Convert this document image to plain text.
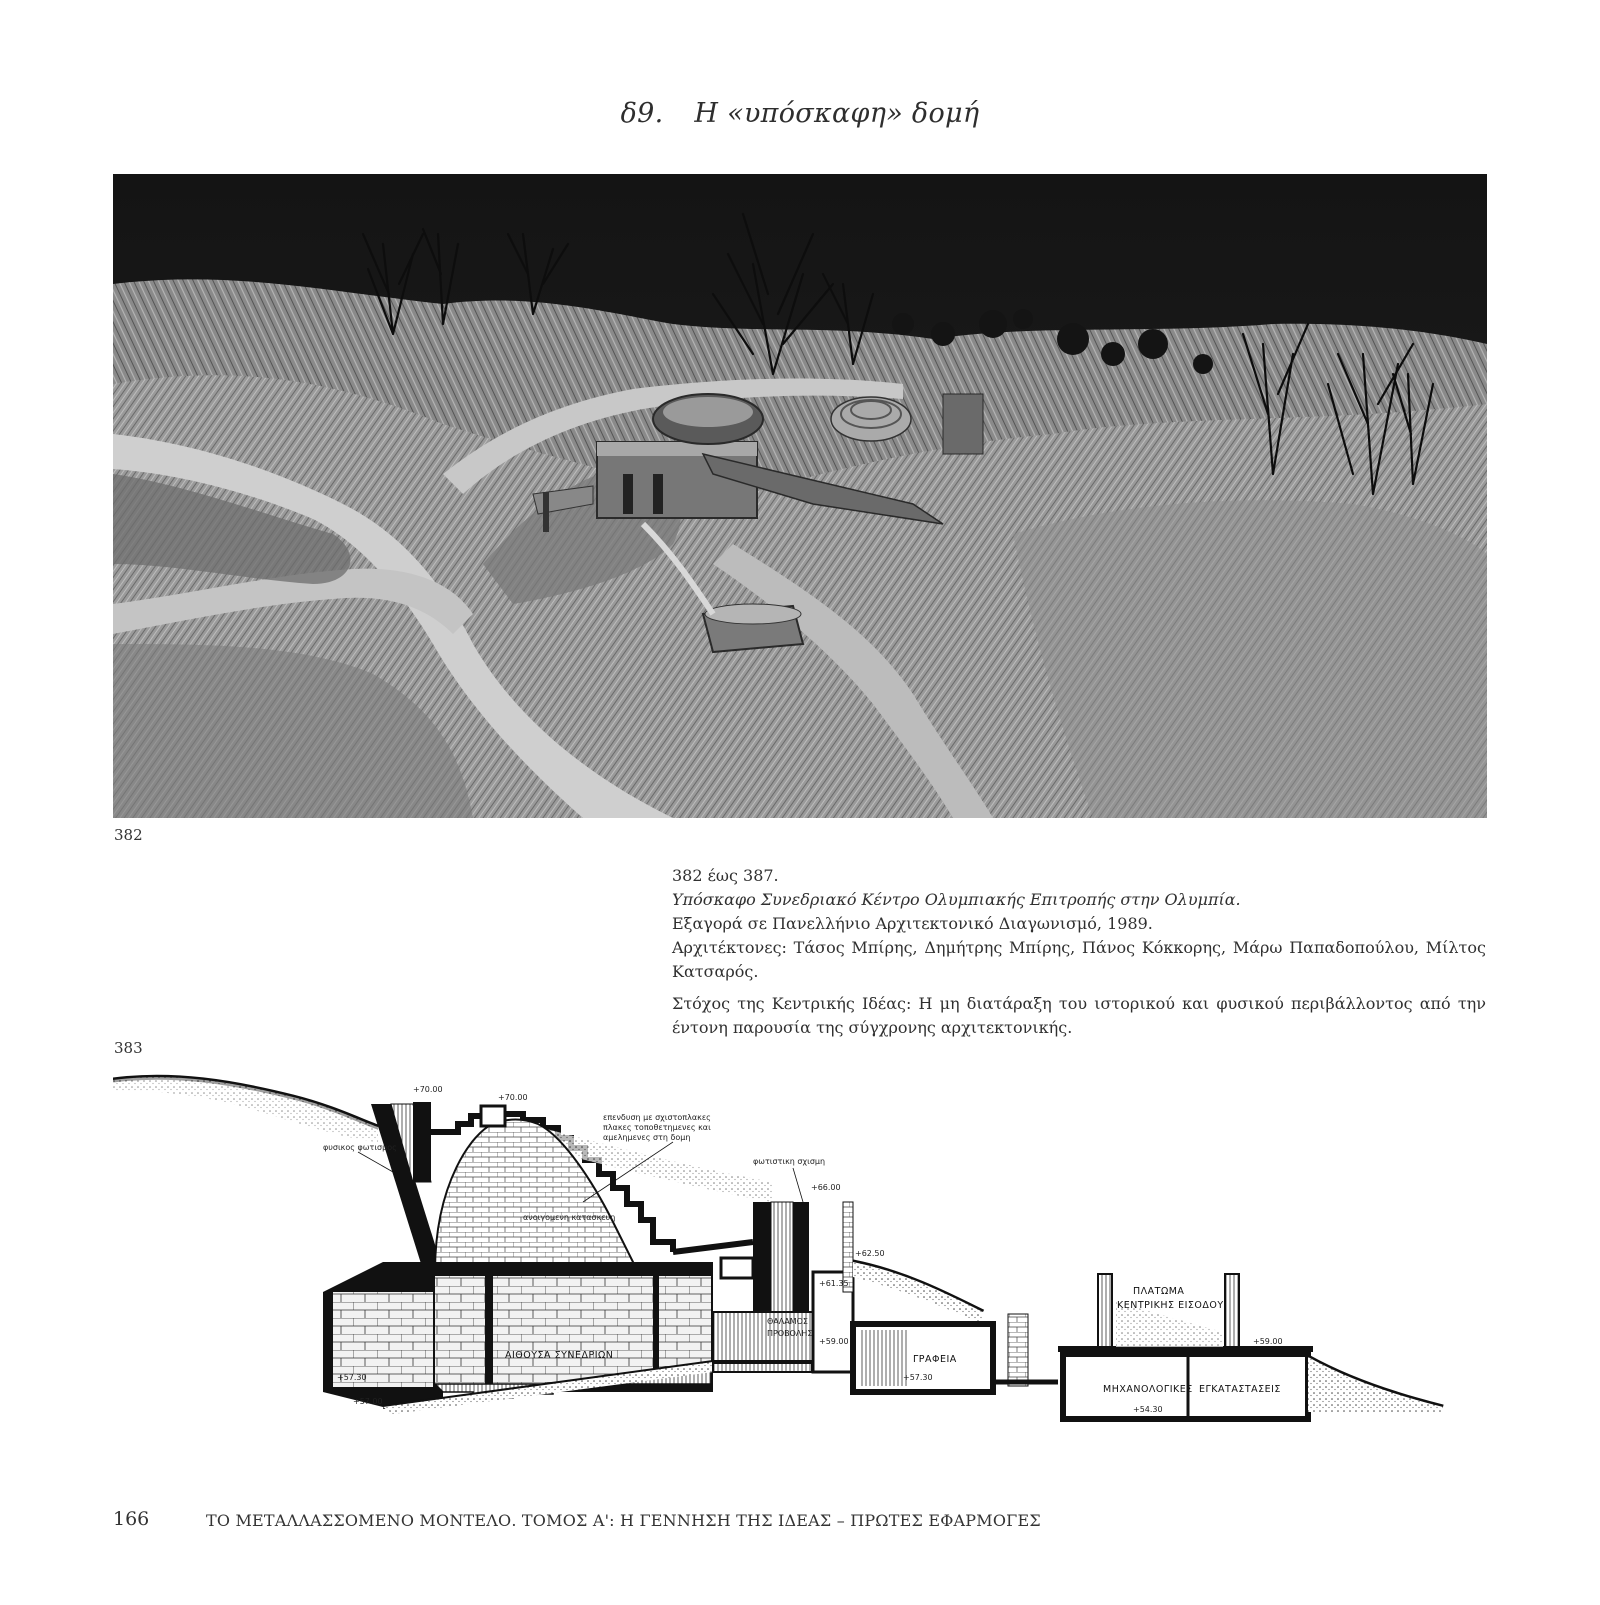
δ9. Η «υπόσκαφη» δομή
382
383

382 έως 387.

Υπόσκαφο Συνεδριακό Κέντρο Ολυμπιακής Επιτροπής στην Ολυμπία.

Εξαγορά σε Πανελλήνιο Αρχιτεκτονικό Διαγωνισμό, 1989.

Αρχιτέκτονες: Τάσος Μπίρης, Δημήτρης Μπίρης, Πάνος Κόκκορης, Μάρω Παπαδοπούλου, Μίλτος Κατσαρός.

Στόχος της Κεντρικής Ιδέας: Η μη διατάραξη του ιστορικού και φυσικού περιβάλλοντος από την έντονη παρουσία της σύγχρονης αρχιτεκτονικής.

ΑΙΘΟΥΣΑ ΣΥΝΕΔΡΙΩΝ	ΓΡΑΦΕΙΑ
ΜΗΧΑΝΟΛΟΓΙΚΕΣ ΕΓΚΑΤΑΣΤΑΣΕΙΣ
ΠΛΑΤΩΜΑ
ΚΕΝΤΡΙΚΗΣ ΕΙΣΟΔΟΥ
ΘΑΛΑΜΟΣ
ΠΡΟΒΟΛΗΣ
επενδυση με σχιστοπλακες
πλακες τοποθετημενες και
αμελημενες στη δομη
φυσικος φωτισμος
φωτιστικη σχισμη
ανοιγομενη κατασκευη
+70.00
+70.00
+66.00
+62.50
+61.35
+59.00
+57.30	+57.30
+57.00
+59.00
+54.30
166	ΤΟ ΜΕΤΑΛΛΑΣΣΟΜΕΝΟ ΜΟΝΤΕΛΟ. ΤΟΜΟΣ Α': Η ΓΕΝΝΗΣΗ ΤΗΣ ΙΔΕΑΣ – ΠΡΩΤΕΣ ΕΦΑΡΜΟΓΕΣ
